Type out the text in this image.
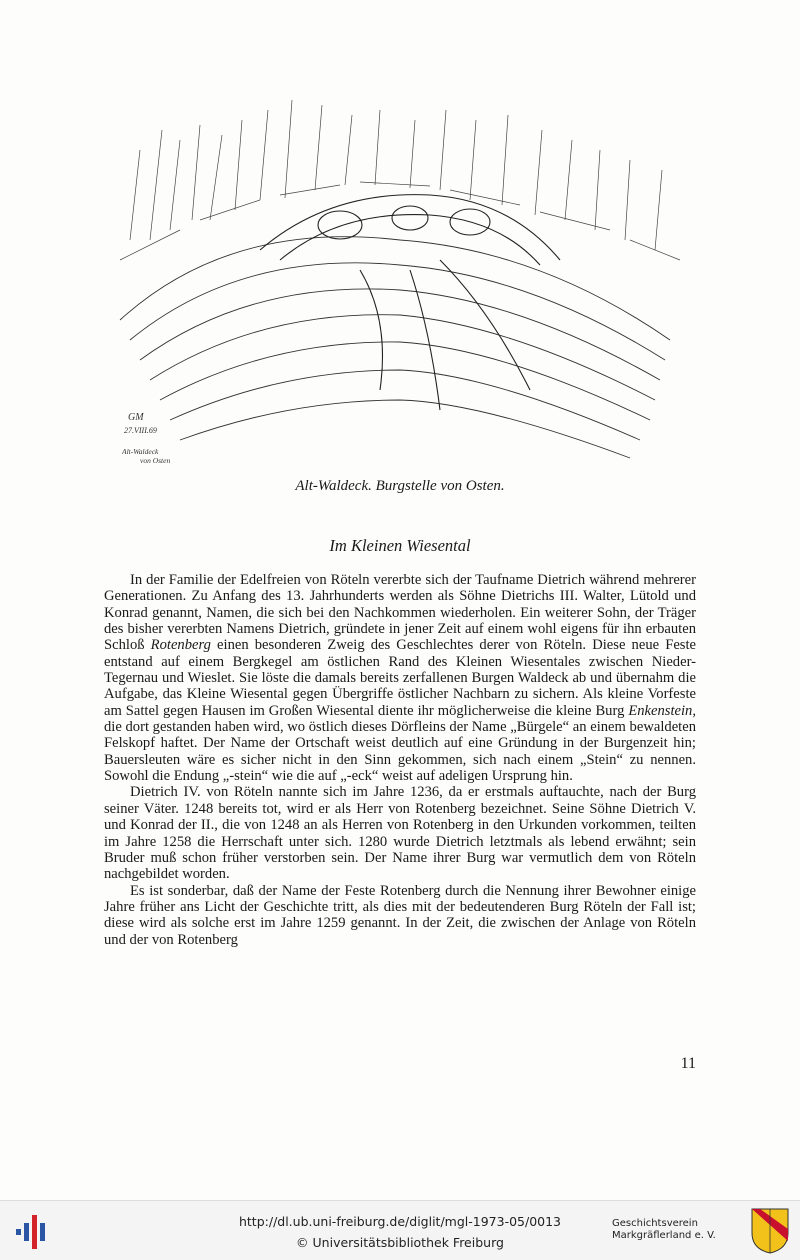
GM
27.VIII.69
Alt-Waldeck
von Osten
Alt-Waldeck. Burgstelle von Osten.
Im Kleinen Wiesental

In der Familie der Edelfreien von Röteln vererbte sich der Taufname Dietrich während mehrerer Generationen. Zu Anfang des 13. Jahrhunderts werden als Söhne Dietrichs III. Walter, Lütold und Konrad genannt, Namen, die sich bei den Nachkommen wiederholen. Ein weiterer Sohn, der Träger des bisher vererbten Namens Dietrich, gründete in jener Zeit auf einem wohl eigens für ihn erbauten Schloß Rotenberg einen besonderen Zweig des Geschlechtes derer von Röteln. Diese neue Feste entstand auf einem Bergkegel am östlichen Rand des Kleinen Wiesentales zwischen Nieder-Tegernau und Wieslet. Sie löste die damals bereits zerfallenen Burgen Waldeck ab und übernahm die Aufgabe, das Kleine Wiesental gegen Übergriffe östlicher Nachbarn zu sichern. Als kleine Vorfeste am Sattel gegen Hausen im Großen Wiesental diente ihr möglicherweise die kleine Burg Enkenstein, die dort gestanden haben wird, wo östlich dieses Dörfleins der Name „Bürgele“ an einem bewaldeten Felskopf haftet. Der Name der Ortschaft weist deutlich auf eine Gründung in der Burgenzeit hin; Bauersleuten wäre es sicher nicht in den Sinn gekommen, sich nach einem „Stein“ zu nennen. Sowohl die Endung „-stein“ wie die auf „-eck“ weist auf adeligen Ursprung hin.

Dietrich IV. von Röteln nannte sich im Jahre 1236, da er erstmals auftauchte, nach der Burg seiner Väter. 1248 bereits tot, wird er als Herr von Rotenberg bezeichnet. Seine Söhne Dietrich V. und Konrad der II., die von 1248 an als Herren von Rotenberg in den Urkunden vorkommen, teilten im Jahre 1258 die Herrschaft unter sich. 1280 wurde Dietrich letztmals als lebend erwähnt; sein Bruder muß schon früher verstorben sein. Der Name ihrer Burg war vermutlich dem von Röteln nachgebildet worden.

Es ist sonderbar, daß der Name der Feste Rotenberg durch die Nennung ihrer Bewohner einige Jahre früher ans Licht der Geschichte tritt, als dies mit der bedeutenderen Burg Röteln der Fall ist; diese wird als solche erst im Jahre 1259 genannt. In der Zeit, die zwischen der Anlage von Röteln und der von Rotenberg

11
http://dl.ub.uni-freiburg.de/diglit/mgl-1973-05/0013
© Universitätsbibliothek Freiburg
Geschichtsverein
Markgräflerland e. V.
